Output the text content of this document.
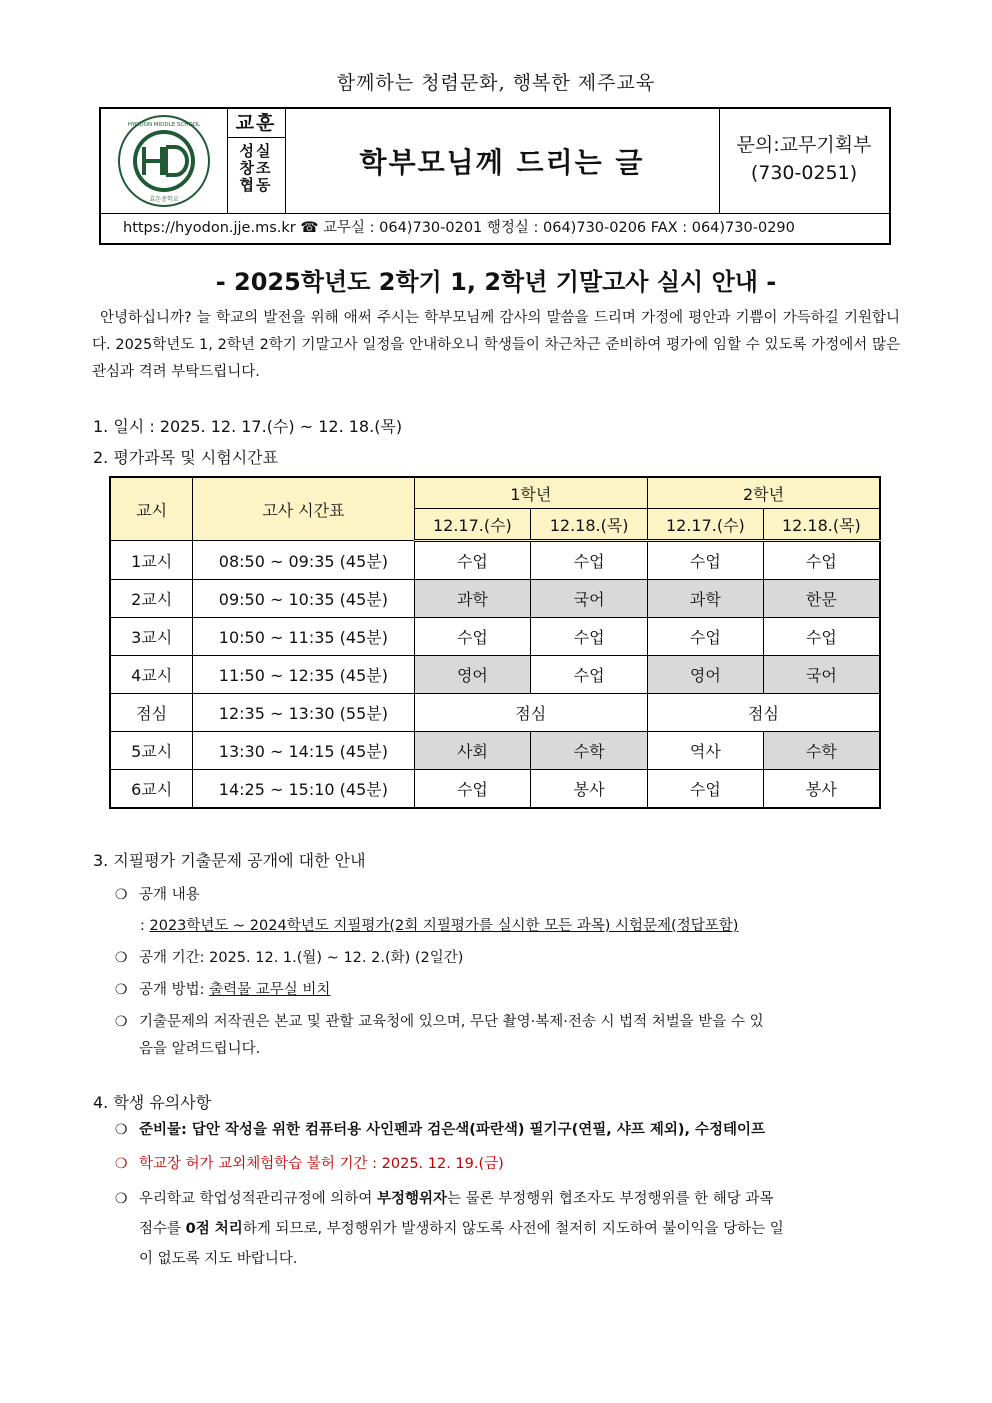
함께하는 청렴문화, 행복한 제주교육
효돈중학교
HYODON MIDDLE SCHOOL	교훈
성실
창조
협동
학부모님께 드리는 글
문의:교무기획부
(730-0251)
https://hyodon.jje.ms.kr ☎ 교무실 : 064)730-0201 행정실 : 064)730-0206 FAX : 064)730-0290
- 2025학년도 2학기 1, 2학년 기말고사 실시 안내 -
안녕하십니까? 늘 학교의 발전을 위해 애써 주시는 학부모님께 감사의 말씀을 드리며 가정에 평안과 기쁨이 가득하길 기원합니다. 2025학년도 1, 2학년 2학기 기말고사 일정을 안내하오니 학생들이 차근차근 준비하여 평가에 임할 수 있도록 가정에서 많은 관심과 격려 부탁드립니다.
1. 일시 : 2025. 12. 17.(수) ~ 12. 18.(목)
2. 평가과목 및 시험시간표
교시	고사 시간표	1학년		2학년	
		12.17.(수)	12.18.(목)	12.17.(수)	12.18.(목)
1교시	08:50 ~ 09:35 (45분)	수업	수업	수업	수업
2교시	09:50 ~ 10:35 (45분)	과학	국어	과학	한문
3교시	10:50 ~ 11:35 (45분)	수업	수업	수업	수업
4교시	11:50 ~ 12:35 (45분)	영어	수업	영어	국어
점심	12:35 ~ 13:30 (55분)	점심		점심	
5교시	13:30 ~ 14:15 (45분)	사회	수학	역사	수학
6교시	14:25 ~ 15:10 (45분)	수업	봉사	수업	봉사
3. 지필평가 기출문제 공개에 대한 안내
❍ 공개 내용
: 2023학년도 ~ 2024학년도 지필평가(2회 지필평가를 실시한 모든 과목) 시험문제(정답포함)
❍ 공개 기간: 2025. 12. 1.(월) ~ 12. 2.(화) (2일간)
❍ 공개 방법: 출력물 교무실 비치
❍ 기출문제의 저작권은 본교 및 관할 교육청에 있으며, 무단 촬영·복제·전송 시 법적 처벌을 받을 수 있
음을 알려드립니다.
4. 학생 유의사항
❍ 준비물: 답안 작성을 위한 컴퓨터용 사인펜과 검은색(파란색) 필기구(연필, 샤프 제외), 수정테이프
❍ 학교장 허가 교외체험학습 불허 기간 : 2025. 12. 19.(금)
❍ 우리학교 학업성적관리규정에 의하여 부정행위자는 물론 부정행위 협조자도 부정행위를 한 해당 과목
점수를 0점 처리하게 되므로, 부정행위가 발생하지 않도록 사전에 철저히 지도하여 불이익을 당하는 일
이 없도록 지도 바랍니다.
